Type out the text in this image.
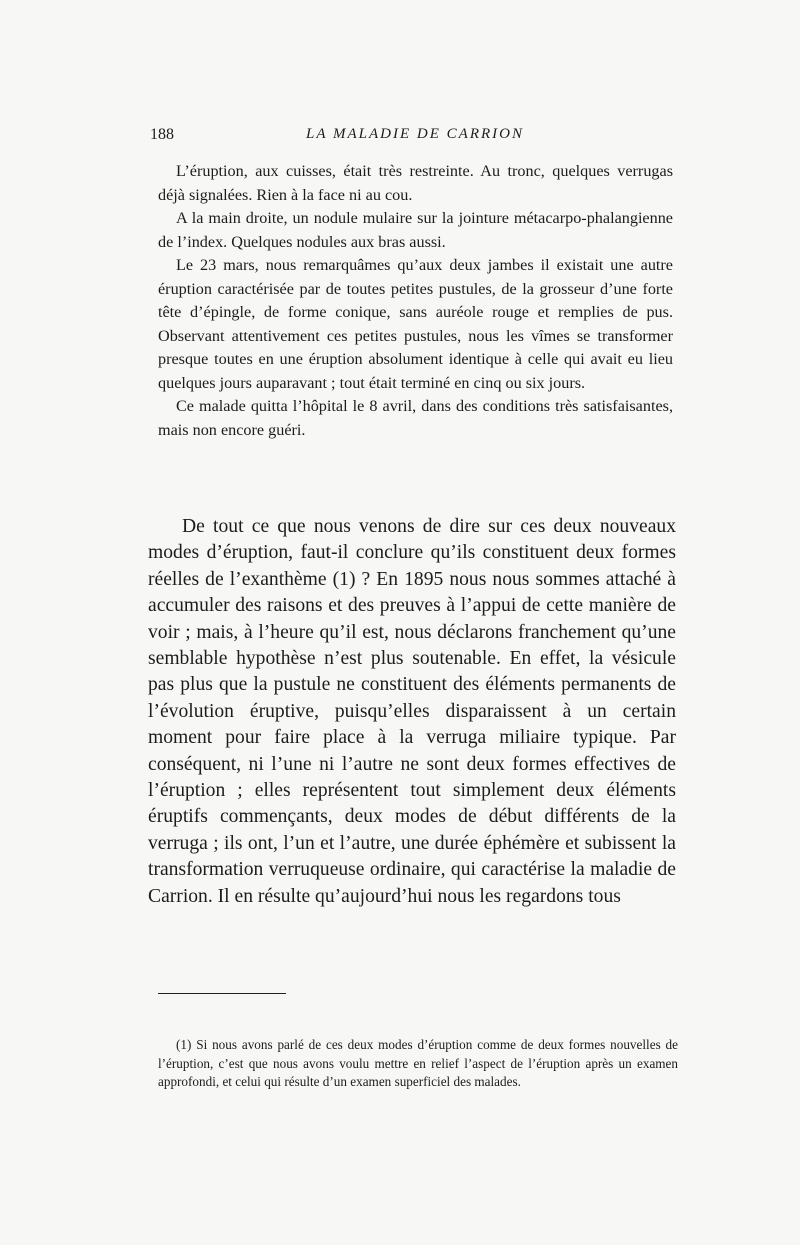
188	LA MALADIE DE CARRION

L’éruption, aux cuisses, était très restreinte. Au tronc, quelques verrugas déjà signalées. Rien à la face ni au cou.

A la main droite, un nodule mulaire sur la jointure métacarpo-phalangienne de l’index. Quelques nodules aux bras aussi.

Le 23 mars, nous remarquâmes qu’aux deux jambes il existait une autre éruption caractérisée par de toutes petites pustules, de la grosseur d’une forte tête d’épingle, de forme conique, sans auréole rouge et remplies de pus. Observant attentivement ces petites pustules, nous les vîmes se transformer presque toutes en une éruption absolument identique à celle qui avait eu lieu quelques jours auparavant ; tout était terminé en cinq ou six jours.

Ce malade quitta l’hôpital le 8 avril, dans des conditions très satisfaisantes, mais non encore guéri.

De tout ce que nous venons de dire sur ces deux nouveaux modes d’éruption, faut-il conclure qu’ils constituent deux formes réelles de l’exanthème (1) ? En 1895 nous nous sommes attaché à accumuler des raisons et des preuves à l’appui de cette manière de voir ; mais, à l’heure qu’il est, nous déclarons franchement qu’une semblable hypothèse n’est plus soutenable. En effet, la vésicule pas plus que la pustule ne constituent des éléments permanents de l’évolution éruptive, puisqu’elles disparaissent à un certain moment pour faire place à la verruga miliaire typique. Par conséquent, ni l’une ni l’autre ne sont deux formes effectives de l’éruption ; elles représentent tout simplement deux éléments éruptifs commençants, deux modes de début différents de la verruga ; ils ont, l’un et l’autre, une durée éphémère et subissent la transformation verruqueuse ordinaire, qui caractérise la maladie de Carrion. Il en résulte qu’aujourd’hui nous les regardons tous

(1) Si nous avons parlé de ces deux modes d’éruption comme de deux formes nouvelles de l’éruption, c’est que nous avons voulu mettre en relief l’aspect de l’éruption après un examen approfondi, et celui qui résulte d’un examen superficiel des malades.
